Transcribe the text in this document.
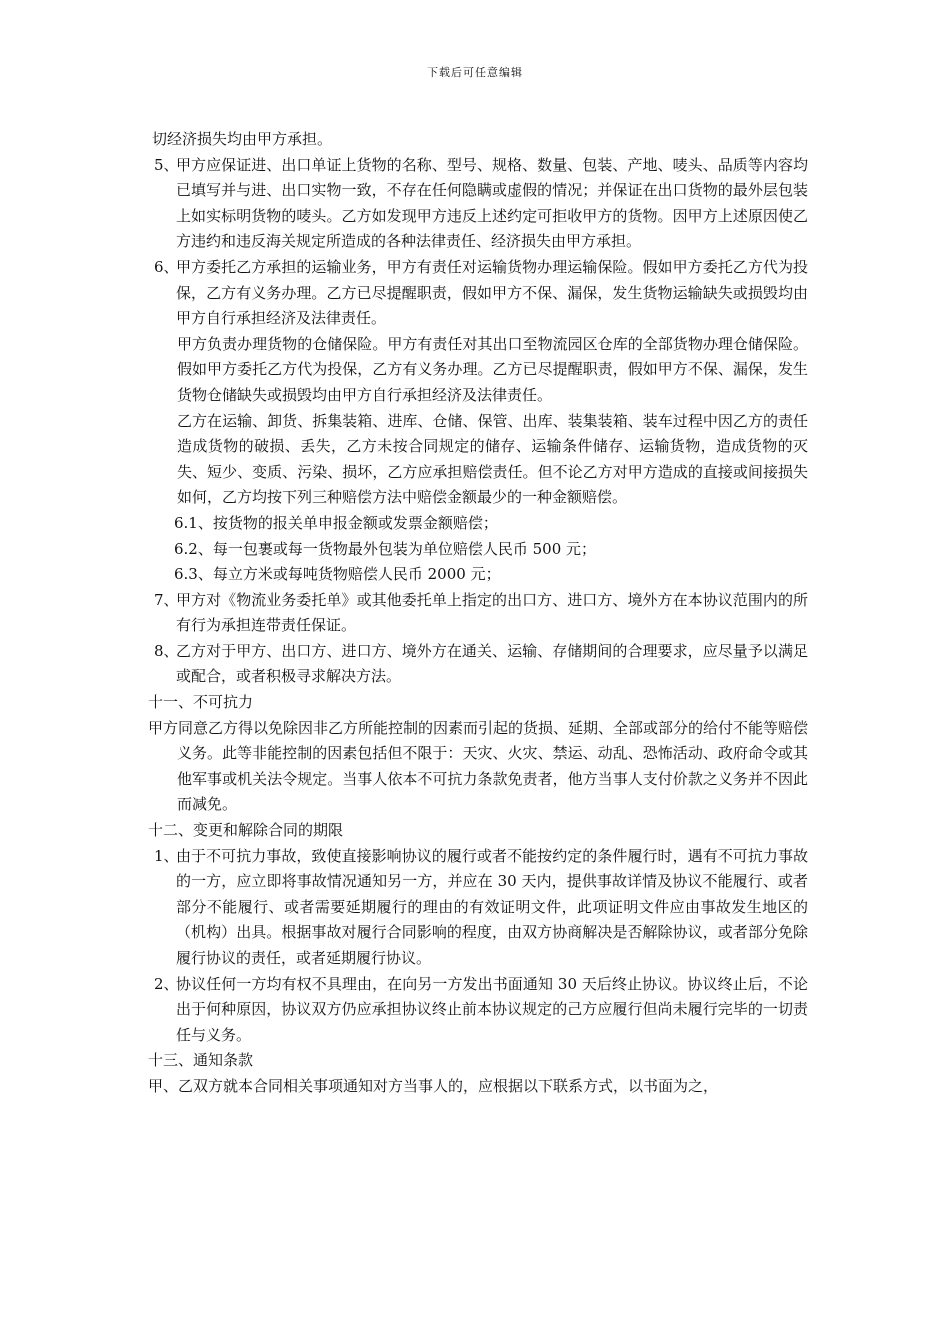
下载后可任意编辑

切经济损失均由甲方承担。

5、
甲方应保证进、出口单证上货物的名称、型号、规格、数量、包装、产地、唛头、品质等内容均已填写并与进、出口实物一致，不存在任何隐瞒或虚假的情况；并保证在出口货物的最外层包装上如实标明货物的唛头。乙方如发现甲方违反上述约定可拒收甲方的货物。因甲方上述原因使乙方违约和违反海关规定所造成的各种法律责任、经济损失由甲方承担。
6、
甲方委托乙方承担的运输业务，甲方有责任对运输货物办理运输保险。假如甲方委托乙方代为投保，乙方有义务办理。乙方已尽提醒职责，假如甲方不保、漏保，发生货物运输缺失或损毁均由甲方自行承担经济及法律责任。

甲方负责办理货物的仓储保险。甲方有责任对其出口至物流园区仓库的全部货物办理仓储保险。假如甲方委托乙方代为投保，乙方有义务办理。乙方已尽提醒职责，假如甲方不保、漏保，发生货物仓储缺失或损毁均由甲方自行承担经济及法律责任。

乙方在运输、卸货、拆集装箱、进库、仓储、保管、出库、装集装箱、装车过程中因乙方的责任造成货物的破损、丢失，乙方未按合同规定的储存、运输条件储存、运输货物，造成货物的灭失、短少、变质、污染、损坏，乙方应承担赔偿责任。但不论乙方对甲方造成的直接或间接损失如何，乙方均按下列三种赔偿方法中赔偿金额最少的一种金额赔偿。

6.1、按货物的报关单申报金额或发票金额赔偿；

6.2、每一包裹或每一货物最外包装为单位赔偿人民币 500 元；

6.3、每立方米或每吨货物赔偿人民币 2000 元；

7、
甲方对《物流业务委托单》或其他委托单上指定的出口方、进口方、境外方在本协议范围内的所有行为承担连带责任保证。
8、
乙方对于甲方、出口方、进口方、境外方在通关、运输、存储期间的合理要求，应尽量予以满足或配合，或者积极寻求解决方法。

十一、不可抗力

甲方同意乙方得以免除因非乙方所能控制的因素而引起的货损、延期、全部或部分的给付不能等赔偿义务。此等非能控制的因素包括但不限于：天灾、火灾、禁运、动乱、恐怖活动、政府命令或其他军事或机关法令规定。当事人依本不可抗力条款免责者，他方当事人支付价款之义务并不因此而减免。

十二、变更和解除合同的期限

1、
由于不可抗力事故，致使直接影响协议的履行或者不能按约定的条件履行时，遇有不可抗力事故的一方，应立即将事故情况通知另一方，并应在 30 天内，提供事故详情及协议不能履行、或者部分不能履行、或者需要延期履行的理由的有效证明文件，此项证明文件应由事故发生地区的（机构）出具。根据事故对履行合同影响的程度，由双方协商解决是否解除协议，或者部分免除履行协议的责任，或者延期履行协议。
2、
协议任何一方均有权不具理由，在向另一方发出书面通知 30 天后终止协议。协议终止后，不论出于何种原因，协议双方仍应承担协议终止前本协议规定的己方应履行但尚未履行完毕的一切责任与义务。

十三、通知条款

甲、乙双方就本合同相关事项通知对方当事人的，应根据以下联系方式，以书面为之，
